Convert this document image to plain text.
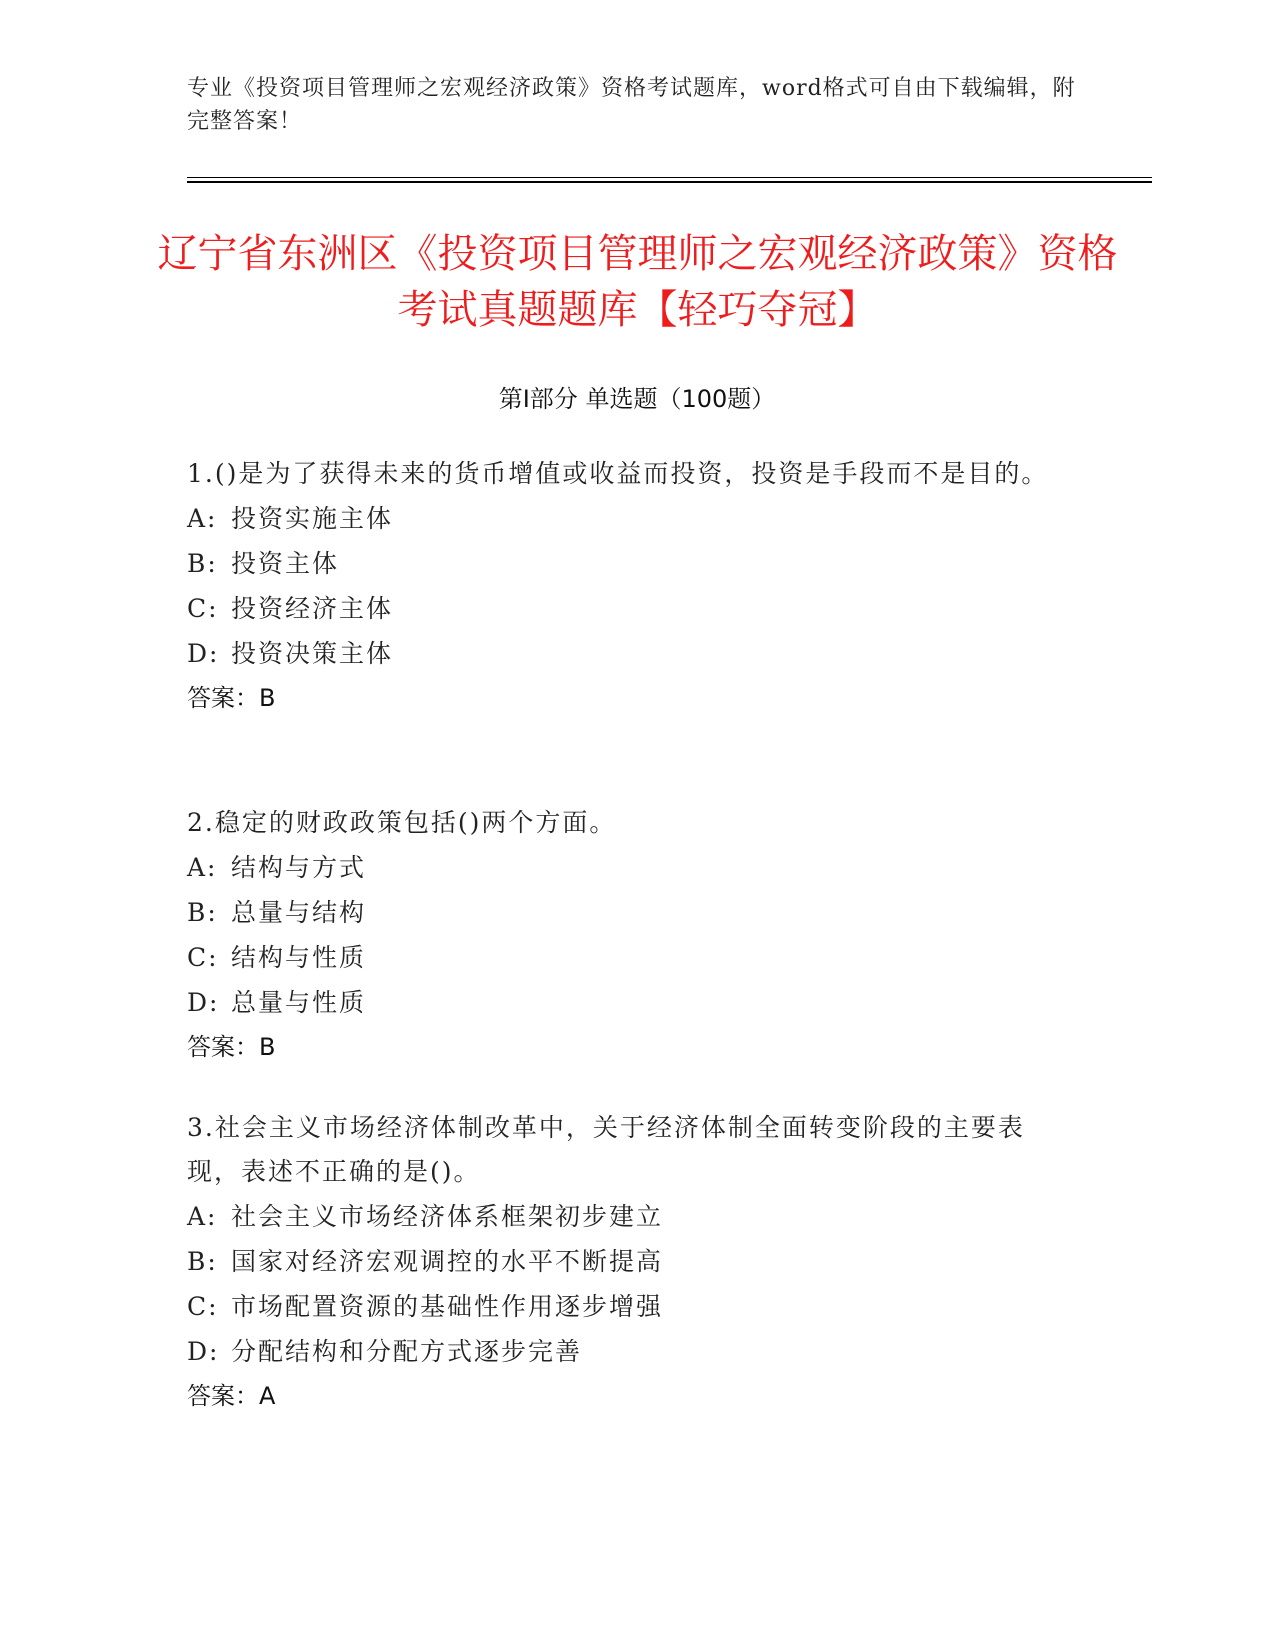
专业《投资项目管理师之宏观经济政策》资格考试题库，word格式可自由下载编辑，附完整答案！
辽宁省东洲区《投资项目管理师之宏观经济政策》资格考试真题题库【轻巧夺冠】
第Ⅰ部分 单选题（100题）
1.()是为了获得未来的货币增值或收益而投资，投资是手段而不是目的。
A: 投资实施主体
B: 投资主体
C: 投资经济主体
D: 投资决策主体
答案：B
2.稳定的财政政策包括()两个方面。
A: 结构与方式
B: 总量与结构
C: 结构与性质
D: 总量与性质
答案：B
3.社会主义市场经济体制改革中，关于经济体制全面转变阶段的主要表现，表述不正确的是()。
A: 社会主义市场经济体系框架初步建立
B: 国家对经济宏观调控的水平不断提高
C: 市场配置资源的基础性作用逐步增强
D: 分配结构和分配方式逐步完善
答案：A
